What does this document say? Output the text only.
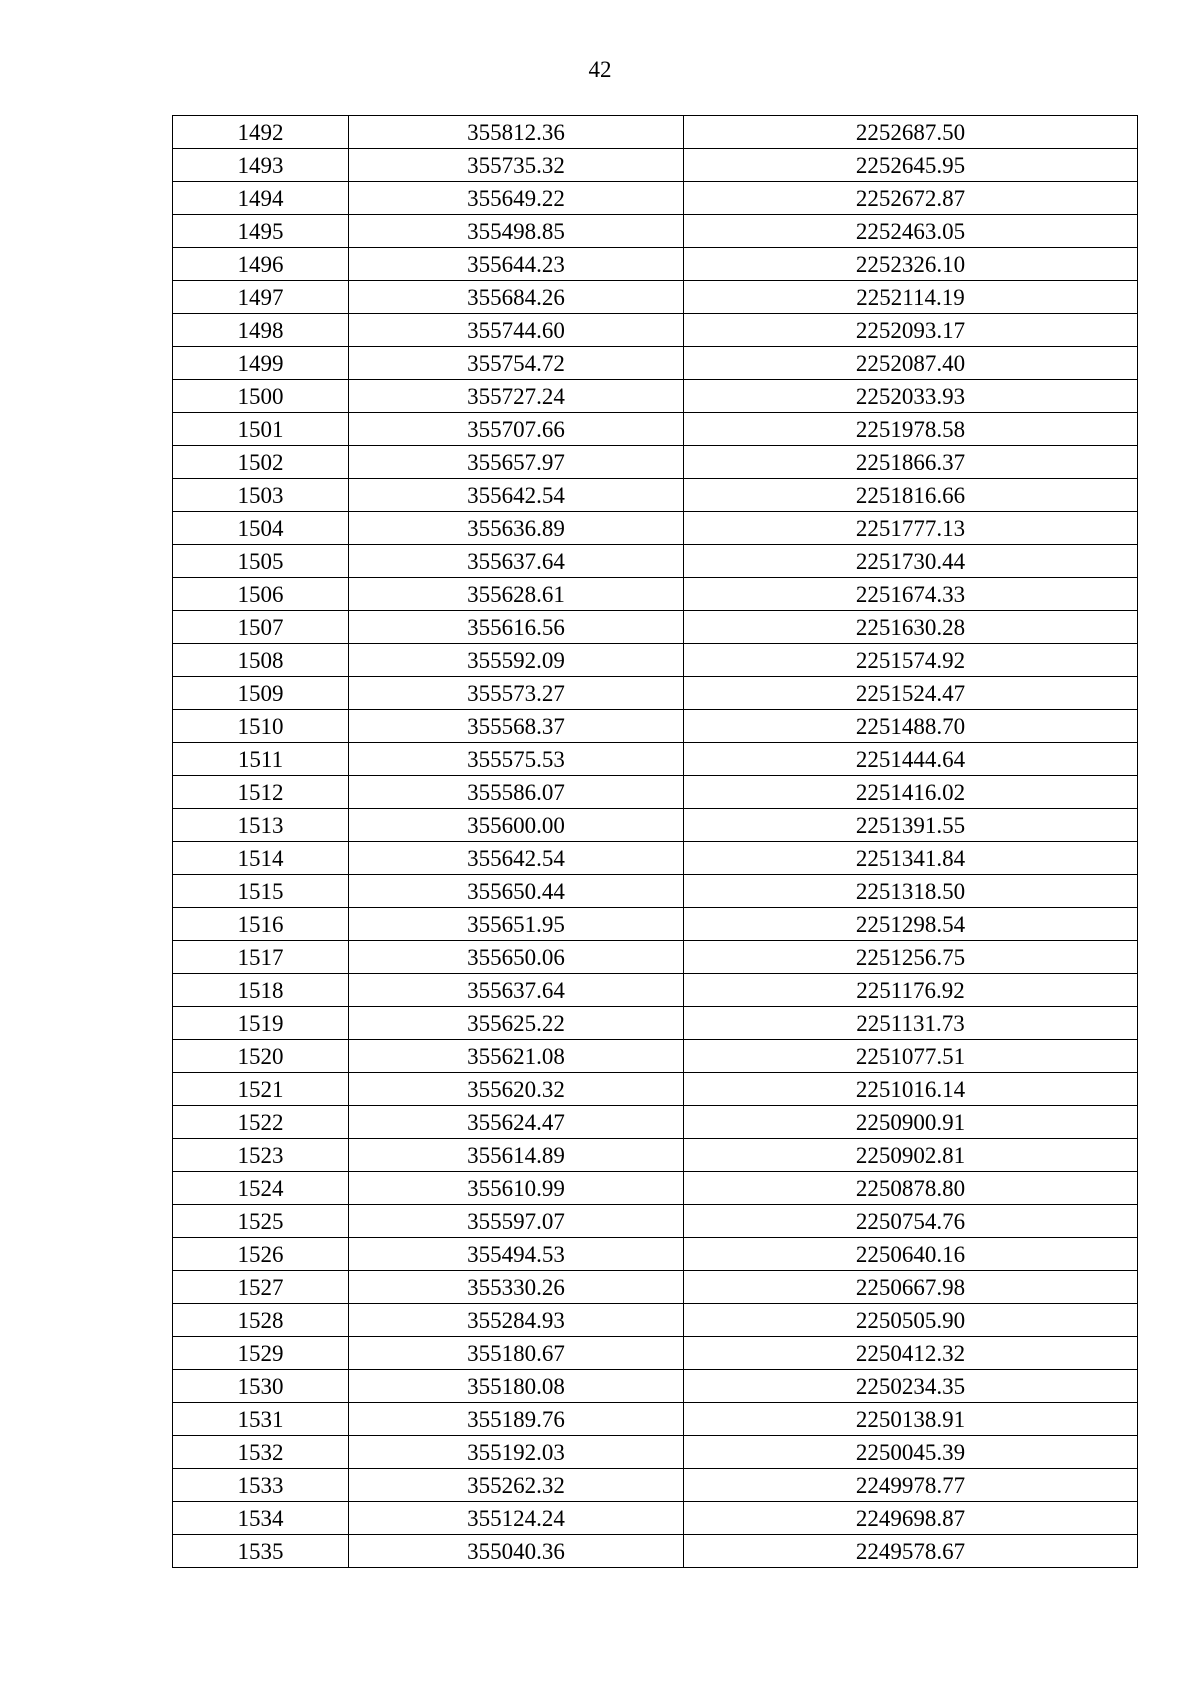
42
1492	355812.36	2252687.50
1493	355735.32	2252645.95
1494	355649.22	2252672.87
1495	355498.85	2252463.05
1496	355644.23	2252326.10
1497	355684.26	2252114.19
1498	355744.60	2252093.17
1499	355754.72	2252087.40
1500	355727.24	2252033.93
1501	355707.66	2251978.58
1502	355657.97	2251866.37
1503	355642.54	2251816.66
1504	355636.89	2251777.13
1505	355637.64	2251730.44
1506	355628.61	2251674.33
1507	355616.56	2251630.28
1508	355592.09	2251574.92
1509	355573.27	2251524.47
1510	355568.37	2251488.70
1511	355575.53	2251444.64
1512	355586.07	2251416.02
1513	355600.00	2251391.55
1514	355642.54	2251341.84
1515	355650.44	2251318.50
1516	355651.95	2251298.54
1517	355650.06	2251256.75
1518	355637.64	2251176.92
1519	355625.22	2251131.73
1520	355621.08	2251077.51
1521	355620.32	2251016.14
1522	355624.47	2250900.91
1523	355614.89	2250902.81
1524	355610.99	2250878.80
1525	355597.07	2250754.76
1526	355494.53	2250640.16
1527	355330.26	2250667.98
1528	355284.93	2250505.90
1529	355180.67	2250412.32
1530	355180.08	2250234.35
1531	355189.76	2250138.91
1532	355192.03	2250045.39
1533	355262.32	2249978.77
1534	355124.24	2249698.87
1535	355040.36	2249578.67
